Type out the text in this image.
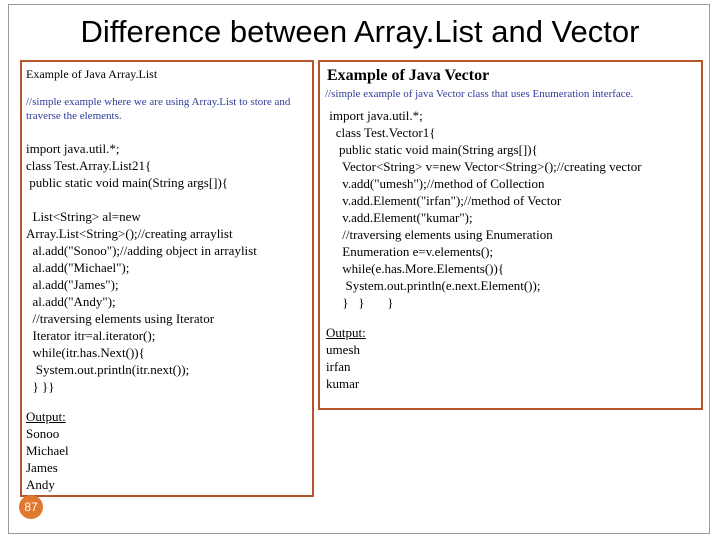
Difference between Array.List and Vector
Example of Java Array.List
//simple example where we are using Array.List to store and traverse the elements.
import java.util.*;
class Test.Array.List21{
public static void main(String args[]){

List<String> al=new
Array.List<String>();//creating arraylist
al.add("Sonoo");//adding object in arraylist
al.add("Michael");
al.add("James");
al.add("Andy");
//traversing elements using Iterator
Iterator itr=al.iterator();
while(itr.has.Next()){
System.out.println(itr.next());
} }}
Output:
Sonoo
Michael
James
Andy
Example of Java Vector
//simple example of java Vector class that uses Enumeration interface.
import java.util.*;
class Test.Vector1{
public static void main(String args[]){
Vector<String> v=new Vector<String>();//creating vector
v.add("umesh");//method of Collection
v.add.Element("irfan");//method of Vector
v.add.Element("kumar");
//traversing elements using Enumeration
Enumeration e=v.elements();
while(e.has.More.Elements()){
System.out.println(e.next.Element());
}   }       }
Output:
umesh
irfan
kumar
87
